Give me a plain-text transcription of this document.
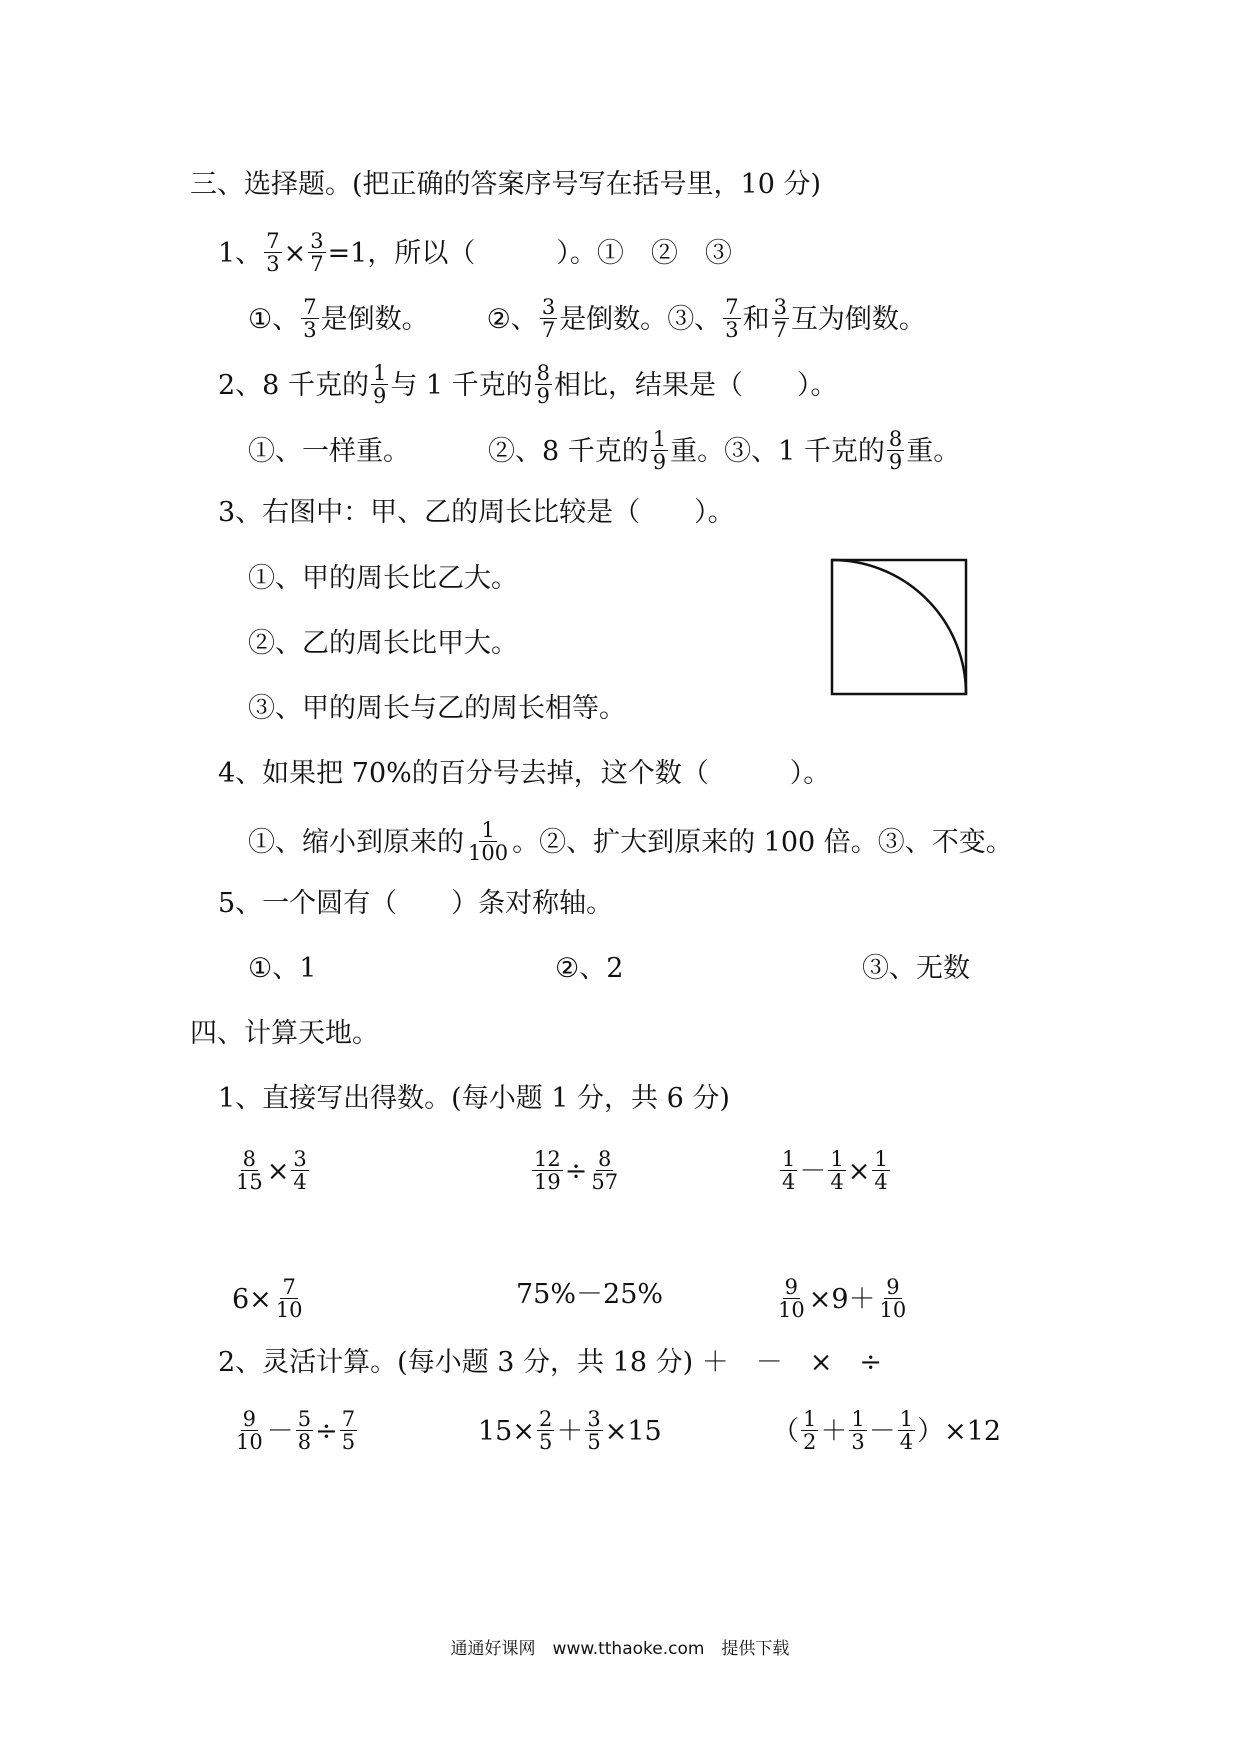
三、选择题。(把正确的答案序号写在括号里，10 分)
1、 $\frac{7}{3} \times \frac{3}{7} =1$，所以（　　　）。①　②　③
①、 $\frac{7}{3}$ 是倒数。 ②、 $\frac{3}{7}$ 是倒数。③、 $\frac{7}{3}$ 和 $\frac{3}{7}$ 互为倒数。
2、8 千克的 $\frac{1}{9}$ 与 1 千克的 $\frac{8}{9}$ 相比，结果是（　　）。
①、一样重。	②、8 千克的 $\frac{1}{9}$ 重。③、1 千克的 $\frac{8}{9}$ 重。
3、右图中：甲、乙的周长比较是（　　）。
①、甲的周长比乙大。
②、乙的周长比甲大。
③、甲的周长与乙的周长相等。
4、如果把 70%的百分号去掉，这个数（　　　）。
①、缩小到原来的 $\frac{1}{100}$ 。②、扩大到原来的 100 倍。③、不变。
5、一个圆有（　　）条对称轴。
①、1	②、2	③、无数
四、计算天地。
1、直接写出得数。(每小题 1 分，共 6 分)
$\frac{8}{15} \times \frac{3}{4}$	$\frac{12}{19} \div \frac{8}{57}$	$\frac{1}{4} - \frac{1}{4} \times \frac{1}{4}$
$6\times \frac{7}{10}$	75%－25%	$\frac{9}{10} \times 9+ \frac{9}{10}$
2、灵活计算。(每小题 3 分，共 18 分) ＋　－　×　÷
$\frac{9}{10} - \frac{5}{8} \div \frac{7}{5}$	$15\times \frac{2}{5} + \frac{3}{5} \times 15$	（ $\frac{1}{2} + \frac{1}{3} - \frac{1}{4} )\times 12$
通通好课网　www.tthaoke.com　提供下载
